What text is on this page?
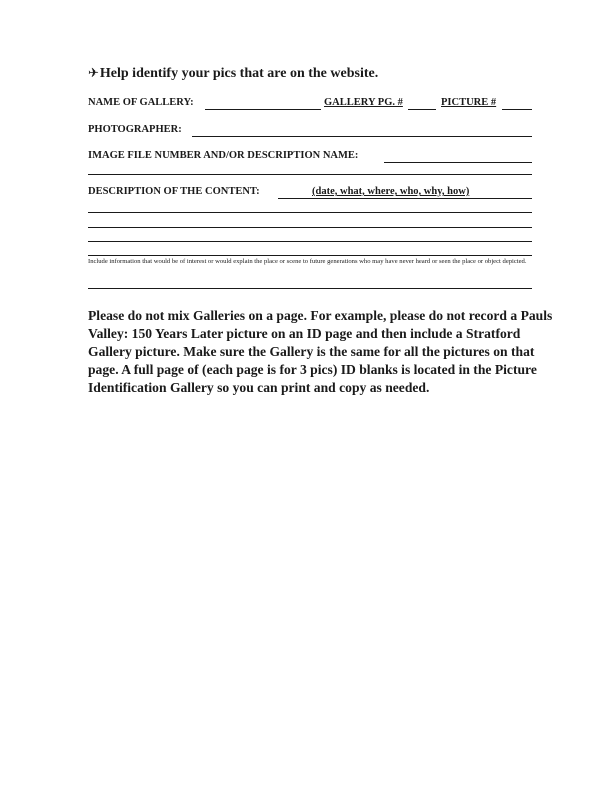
✈Help identify your pics that are on the website.
NAME OF GALLERY:	GALLERY PG. #	PICTURE #
PHOTOGRAPHER:
IMAGE FILE NUMBER AND/OR DESCRIPTION NAME:
DESCRIPTION OF THE CONTENT:	(date, what, where, who, why, how)
Include information that would be of interest or would explain the place or scene to future generations who may have never heard or seen the place or object depicted.

Please do not mix Galleries on a page. For example, please do not record a Pauls Valley: 150 Years Later picture on an ID page and then include a Stratford Gallery picture. Make sure the Gallery is the same for all the pictures on that page. A full page of (each page is for 3 pics) ID blanks is located in the Picture Identification Gallery so you can print and copy as needed.
